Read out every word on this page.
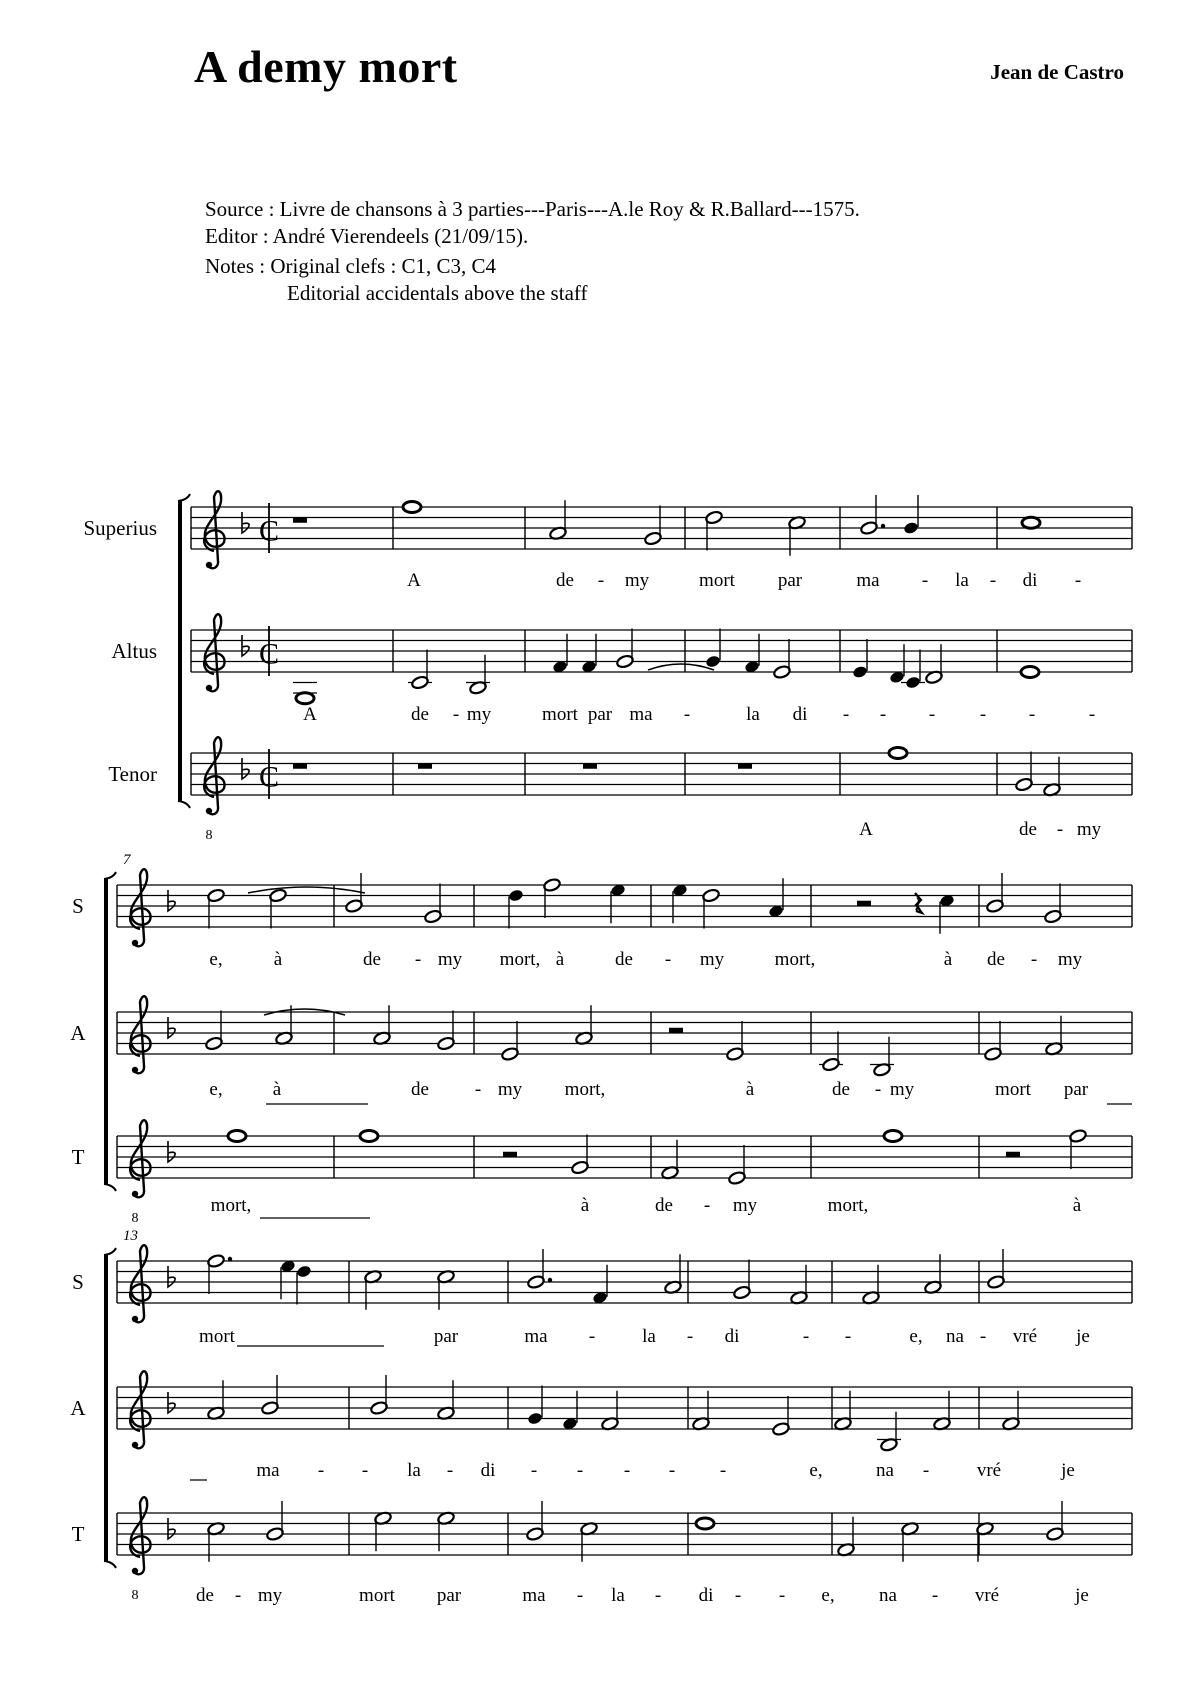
A demy mort	Jean de Castro
Source : Livre de chansons à 3 parties---Paris---A.le Roy & R.Ballard---1575.
Editor : André Vierendeels (21/09/15).
Notes : Original clefs : C1, C3, C4
Editorial accidentals above the staff
C
Superius
A	de - my	mort par	ma - la - di -
C
Altus
A	de - my	mort par ma -	la di - - - - -	-
8
C
Tenor
A	de - my
7
S	𝄽
e,	à	de - my mort, à	de - my	mort,	à de - my
A
e,	à	de - my mort,	à	de - my	mort par
8
T
mort,	à	de - my	mort,	à
13
S
mort	par	ma - la - di	- -	e, na - vré je
A
ma - - la - di - - - - -	e,	na -	vré	je
8
T
de - my	mort par	ma - la - di - - e, na - vré	je
